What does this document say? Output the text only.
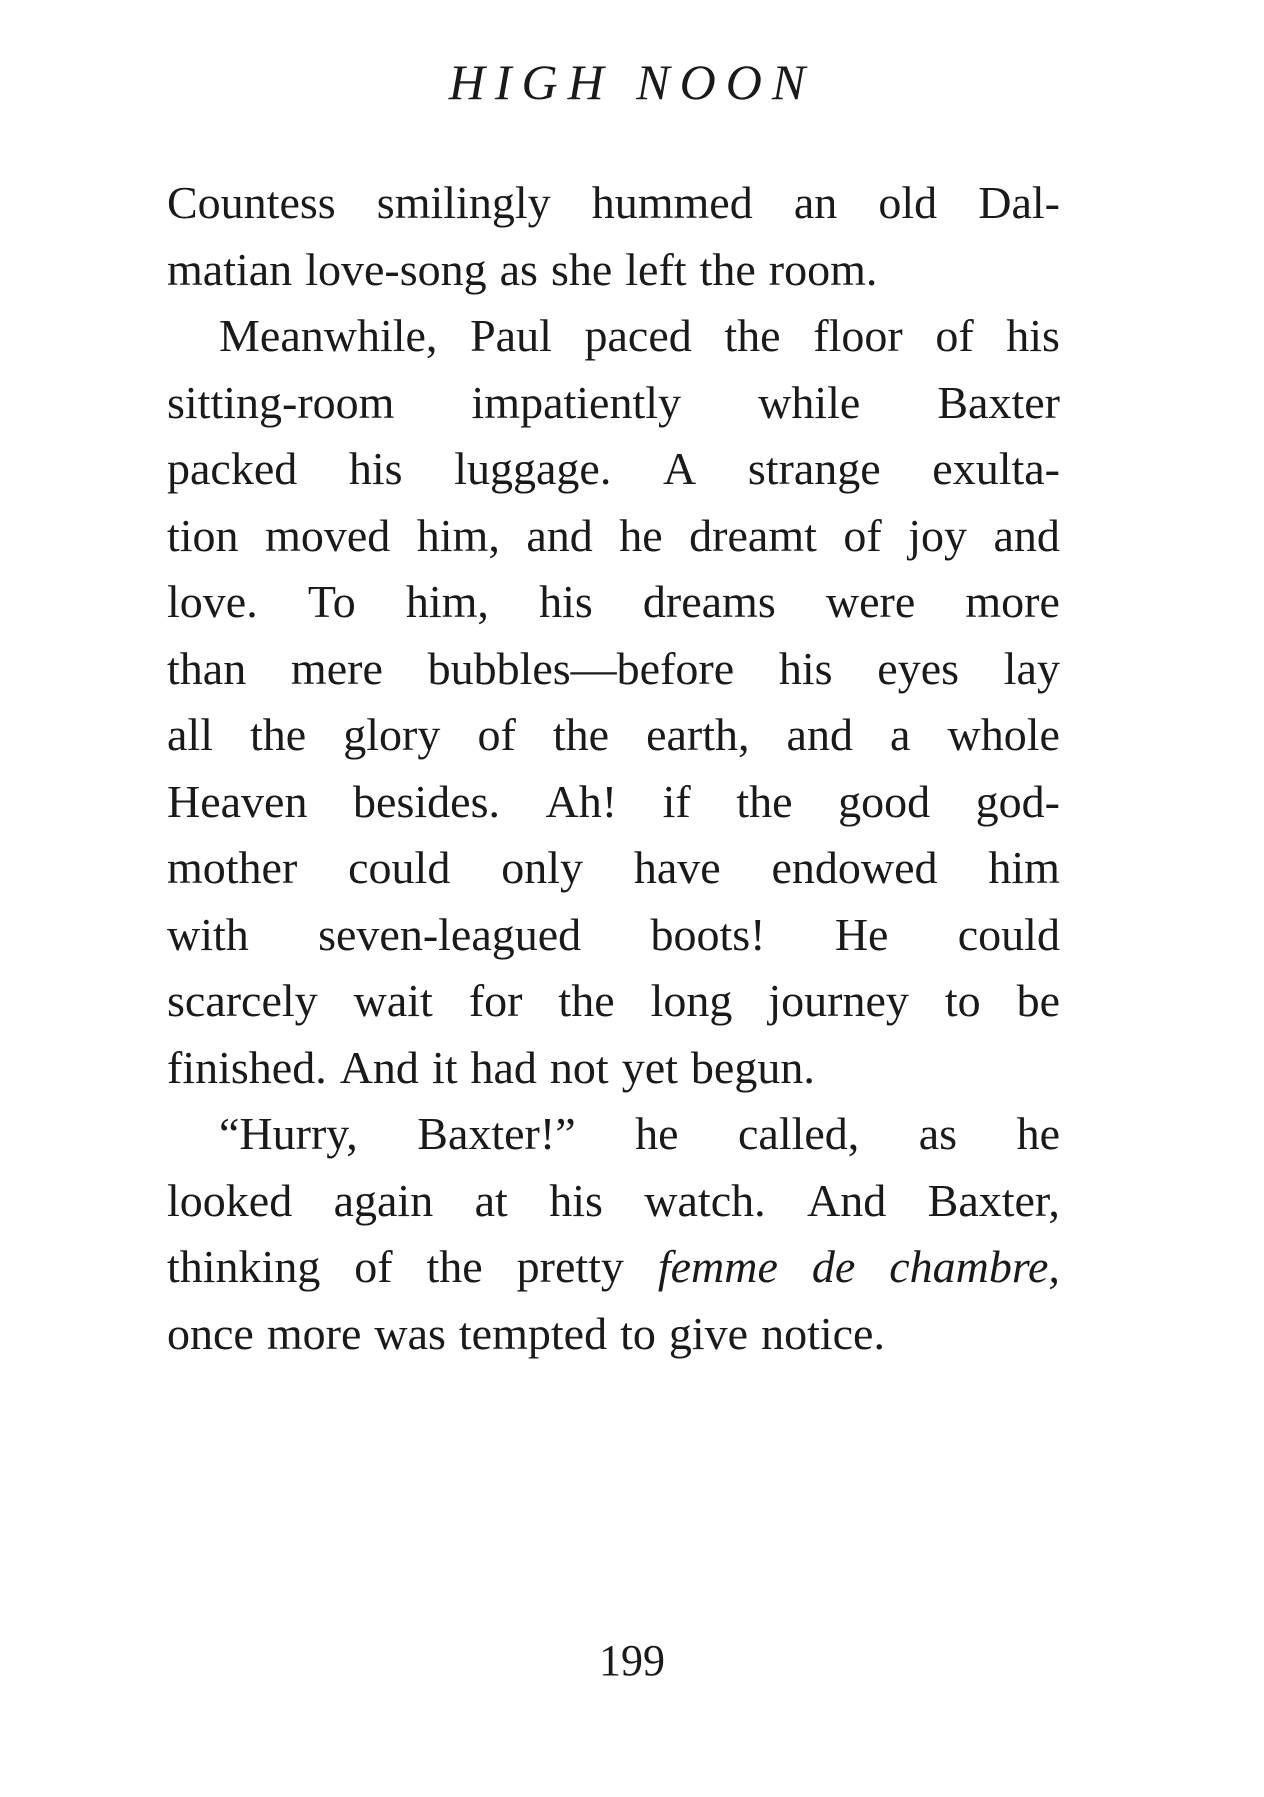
HIGH NOON
Countess smilingly hummed an old Dal-
matian love-song as she left the room.
Meanwhile, Paul paced the floor of his
sitting-room impatiently while Baxter
packed his luggage. A strange exulta-
tion moved him, and he dreamt of joy and
love. To him, his dreams were more
than mere bubbles—before his eyes lay
all the glory of the earth, and a whole
Heaven besides. Ah! if the good god-
mother could only have endowed him
with seven-leagued boots! He could
scarcely wait for the long journey to be
finished. And it had not yet begun.
“Hurry, Baxter!” he called, as he
looked again at his watch. And Baxter,
thinking of the pretty femme de chambre,
once more was tempted to give notice.
199
